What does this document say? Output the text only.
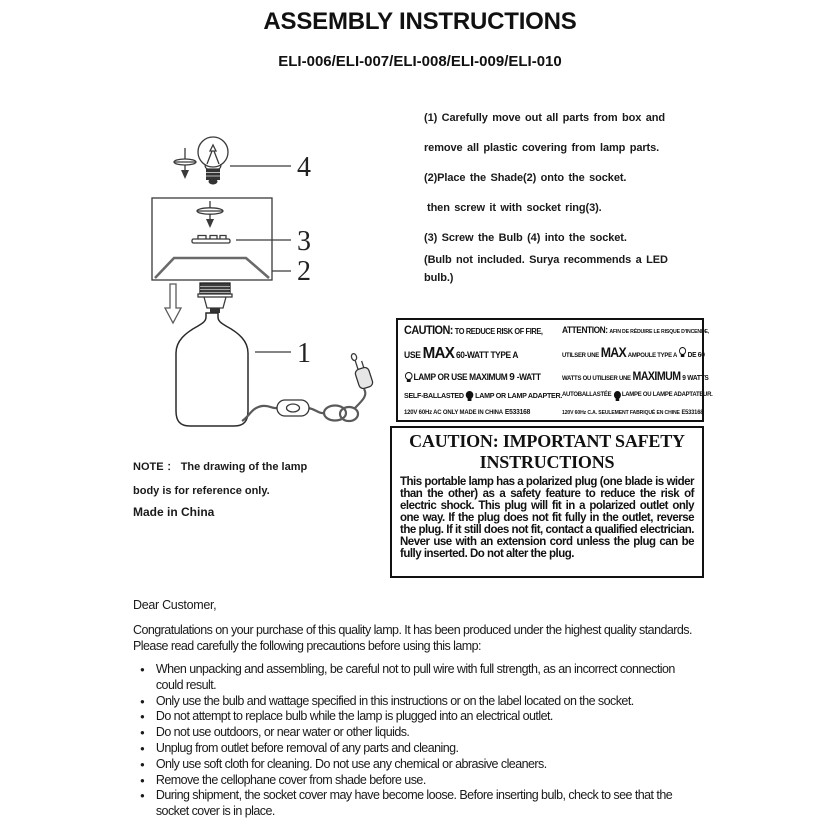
ASSEMBLY INSTRUCTIONS
ELI-006/ELI-007/ELI-008/ELI-009/ELI-010
4
3
2
1
(1) Carefully move out all parts from box and
remove all plastic covering from lamp parts.
(2)Place the Shade(2) onto the socket.
then screw it with socket ring(3).
(3) Screw the Bulb (4) into the socket.
(Bulb not included. Surya recommends a LED
bulb.)
NOTE ： The drawing of the lamp
body is for reference only.
Made in China
CAUTION: TO REDUCE RISK OF FIRE,
USE MAX 60-WATT TYPE A
LAMP OR USE MAXIMUM 9 -WATT
SELF-BALLASTED LAMP OR LAMP ADAPTER.
120V 60Hz AC ONLY MADE IN CHINA E533168
ATTENTION: AFIN DE RÉDUIRE LE RISQUE D'INCENDE,
UTILSER UNE MAX AMPOULE TYPE A DE 60
WATTS OU UTILISER UNE MAXIMUM 9 WATTS
AUTOBALLASTÉE LAMPE OU LAMPE ADAPTATEUR.
120V 60Hz C.A. SEULEMENT FABRIQUÉ EN CHINE E533168
CAUTION: IMPORTANT SAFETY
INSTRUCTIONS
This portable lamp has a polarized plug (one blade is wider than the other) as a safety feature to reduce the risk of electric shock. This plug will fit in a polarized outlet only one way. If the plug does not fit fully in the outlet, reverse the plug. If it still does not fit, contact a qualified electrician. Never use with an extension cord unless the plug can be fully inserted. Do not alter the plug.
Dear Customer,
Congratulations on your purchase of this quality lamp. It has been produced under the highest quality standards. Please read carefully the following precautions before using this lamp:
● When unpacking and assembling, be careful not to pull wire with full strength, as an incorrect connection could result.
● Only use the bulb and wattage specified in this instructions or on the label located on the socket.
● Do not attempt to replace bulb while the lamp is plugged into an electrical outlet.
● Do not use outdoors, or near water or other liquids.
● Unplug from outlet before removal of any parts and cleaning.
● Only use soft cloth for cleaning. Do not use any chemical or abrasive cleaners.
● Remove the cellophane cover from shade before use.
● During shipment, the socket cover may have become loose. Before inserting bulb, check to see that the socket cover is in place.
